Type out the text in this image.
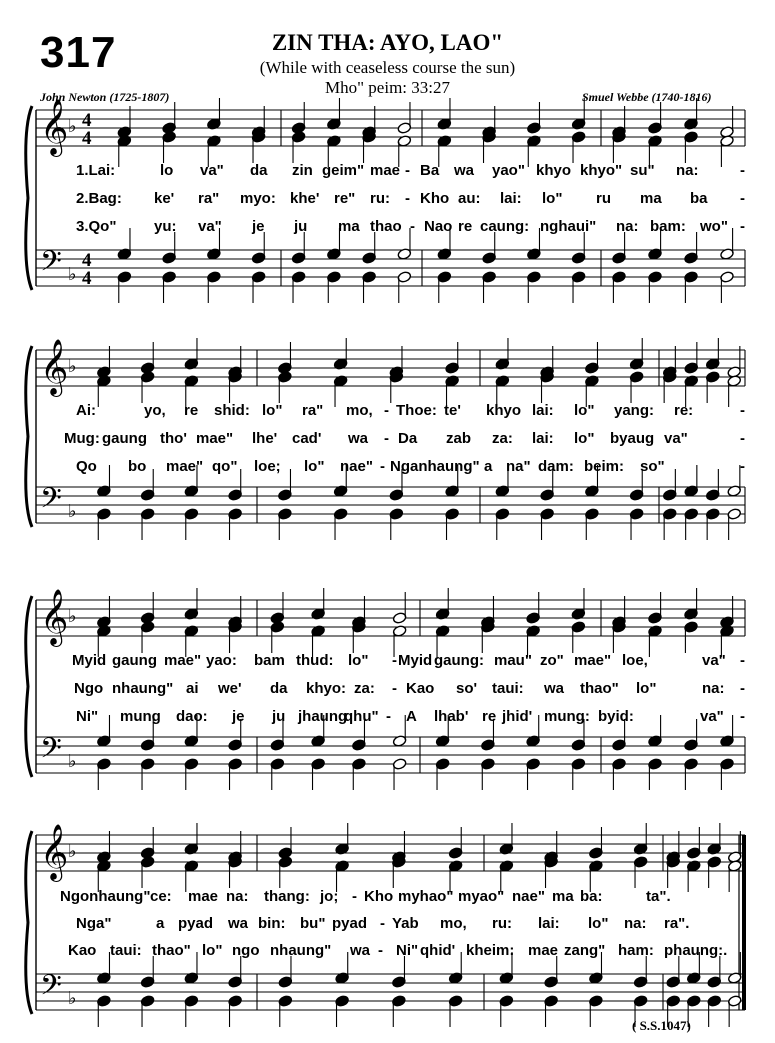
317	ZIN THA: AYO, LAO"
(While with ceaseless course the sun)
Mho" peim: 33:27
John Newton (1725-1807)	Smuel Webbe (1740-1816)
𝄞
𝄢
♭
♭
4
4
4
4
𝄞
𝄢
♭
♭
𝄞
𝄢
♭
♭
𝄞
𝄢
♭
♭
1.Lai:	lo va" da zin geim" mae - Ba wa yao" khyo khyo" su" na:	-
2.Bag: ke' ra" myo: khe' re" ru: - Kho au: lai: lo" ru ma ba -
3.Qo"	yu: va" je ju ma thao - Nao re caung: nghaui" na: bam: wo" -
Ai:	yo, re shid: lo" ra" mo, - Thoe: te' khyo lai: lo" yang: re:	-
Mug: gaung tho' mae" lhe' cad' wa - Da zab za: lai: lo" byaug va"	-
Qo bo mae" qo" loe; lo" nae" - Nganhaung" a na" dam: beim: so"	-
Myid gaung mae" yao: bam thud: lo" - Myid gaung: mau" zo" mae" loe,	va" -
Ngo nhaung" ai we' da khyo: za: - Kao so' taui: wa thao" lo"	na: -
Ni" mung dao: je ju jhaung
qhu" - A lhab' re jhid' mung: byid:	va" -
Ngonhaung" ce: mae na: thang: jo; - Kho myhao" myao" nae" ma ba:	ta".
Nga"	a pyad wa bin: bu" pyad - Yab mo, ru: lai: lo" na: ra".
Kao taui: thao" lo" ngo nhaung" wa - Ni" qhid' kheim: mae zang" ham: phaung:.
( S.S.1047)
